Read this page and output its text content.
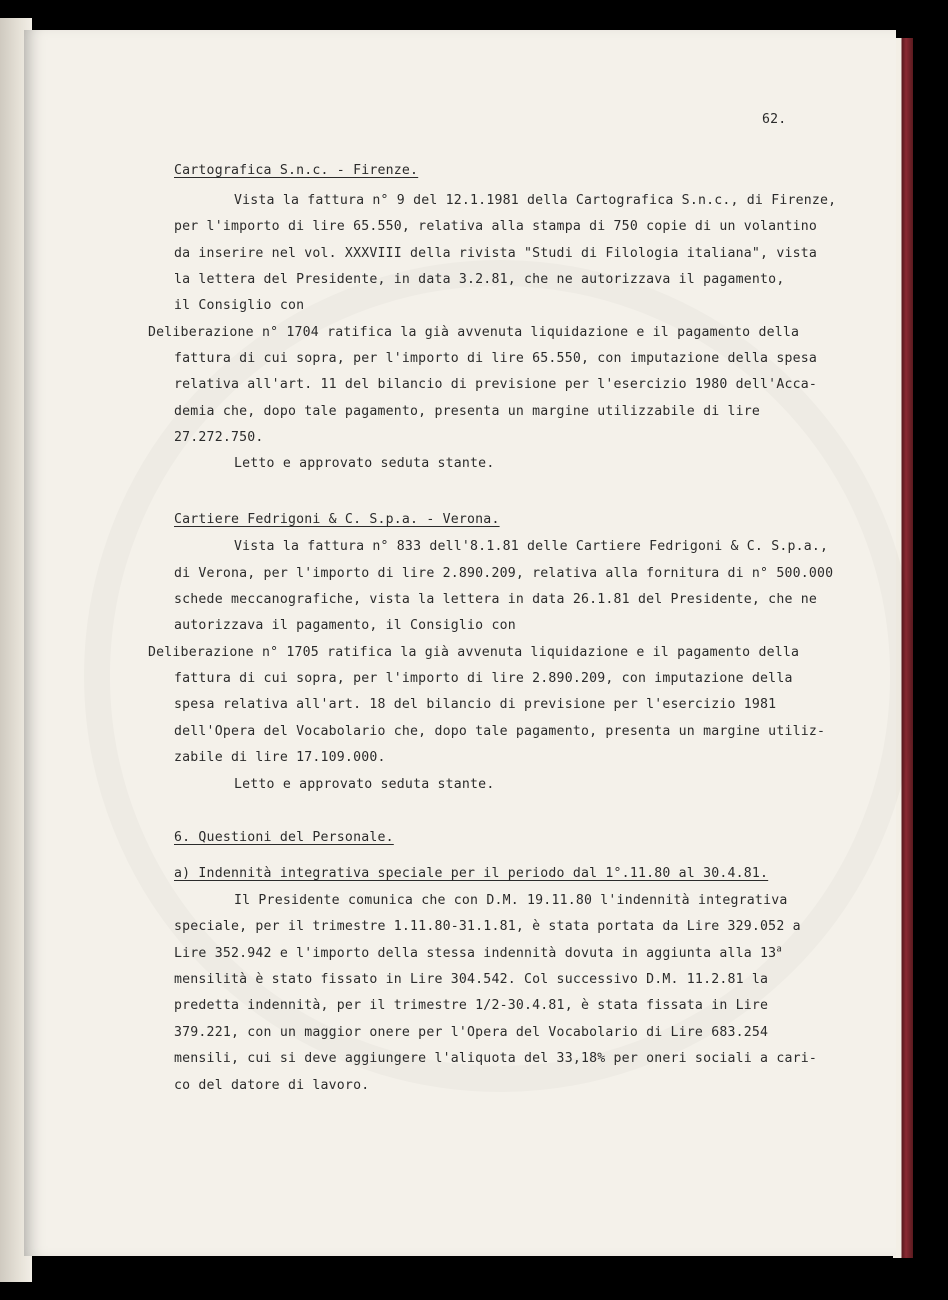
62.
Cartografica S.n.c. - Firenze.
Vista la fattura n° 9 del 12.1.1981 della Cartografica S.n.c., di Firenze,
per l'importo di lire 65.550, relativa alla stampa di 750 copie di un volantino
da inserire nel vol. XXXVIII della rivista "Studi di Filologia italiana", vista
la lettera del Presidente, in data 3.2.81, che ne autorizzava il pagamento,
il Consiglio con
Deliberazione n° 1704 ratifica la già avvenuta liquidazione e il pagamento della
fattura di cui sopra, per l'importo di lire 65.550, con imputazione della spesa
relativa all'art. 11 del bilancio di previsione per l'esercizio 1980 dell'Acca-
demia che, dopo tale pagamento, presenta un margine utilizzabile di lire
27.272.750.
Letto e approvato seduta stante.
Cartiere Fedrigoni & C. S.p.a. - Verona.
Vista la fattura n° 833 dell'8.1.81 delle Cartiere Fedrigoni & C. S.p.a.,
di Verona, per l'importo di lire 2.890.209, relativa alla fornitura di n° 500.000
schede meccanografiche, vista la lettera in data 26.1.81 del Presidente, che ne
autorizzava il pagamento, il Consiglio con
Deliberazione n° 1705 ratifica la già avvenuta liquidazione e il pagamento della
fattura di cui sopra, per l'importo di lire 2.890.209, con imputazione della
spesa relativa all'art. 18 del bilancio di previsione per l'esercizio 1981
dell'Opera del Vocabolario che, dopo tale pagamento, presenta un margine utiliz-
zabile di lire 17.109.000.
Letto e approvato seduta stante.
6. Questioni del Personale.
a) Indennità integrativa speciale per il periodo dal 1°.11.80 al 30.4.81.
Il Presidente comunica che con D.M. 19.11.80 l'indennità integrativa
speciale, per il trimestre 1.11.80-31.1.81, è stata portata da Lire 329.052 a
Lire 352.942 e l'importo della stessa indennità dovuta in aggiunta alla 13$^a$
mensilità è stato fissato in Lire 304.542. Col successivo D.M. 11.2.81 la
predetta indennità, per il trimestre 1/2-30.4.81, è stata fissata in Lire
379.221, con un maggior onere per l'Opera del Vocabolario di Lire 683.254
mensili, cui si deve aggiungere l'aliquota del 33,18% per oneri sociali a cari-
co del datore di lavoro.
